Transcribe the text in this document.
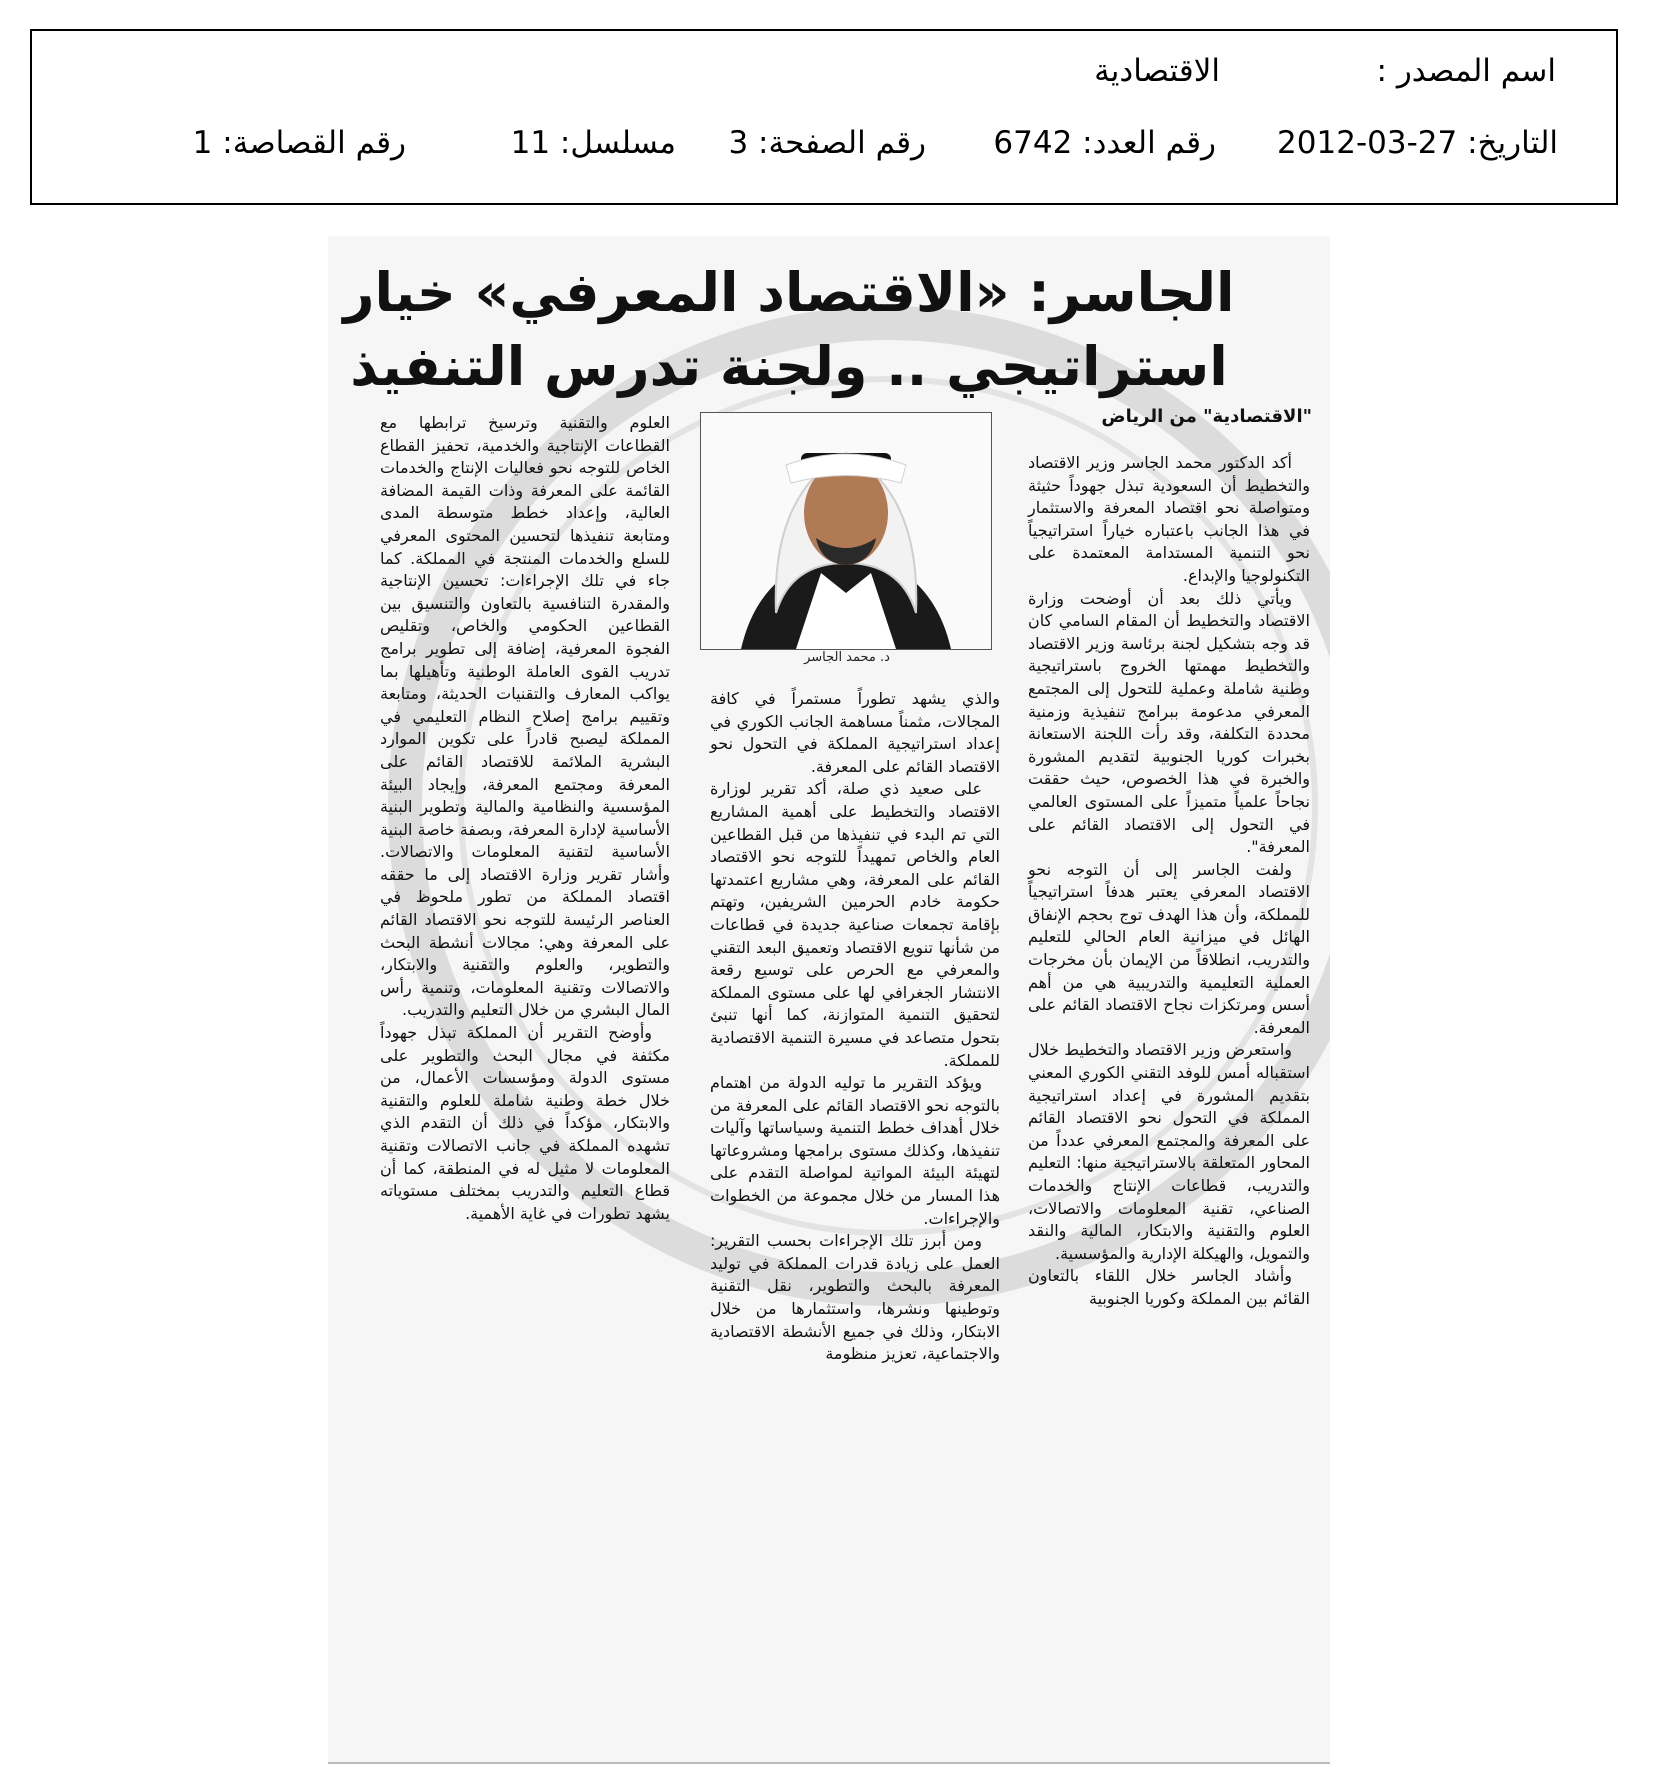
اسم المصدر :
الاقتصادية
التاريخ: 27-03-2012
رقم العدد: 6742
رقم الصفحة: 3
مسلسل: 11
رقم القصاصة: 1
الجاسر: «الاقتصاد المعرفي» خيار
استراتيجي .. ولجنة تدرس التنفيذ
"الاقتصادية" من الرياض

أكد الدكتور محمد الجاسر وزير الاقتصاد والتخطيط أن السعودية تبذل جهوداً حثيثة ومتواصلة نحو اقتصاد المعرفة والاستثمار في هذا الجانب باعتباره خياراً استراتيجياً نحو التنمية المستدامة المعتمدة على التكنولوجيا والإبداع.

ويأتي ذلك بعد أن أوضحت وزارة الاقتصاد والتخطيط أن المقام السامي كان قد وجه بتشكيل لجنة برئاسة وزير الاقتصاد والتخطيط مهمتها الخروج باستراتيجية وطنية شاملة وعملية للتحول إلى المجتمع المعرفي مدعومة ببرامج تنفيذية وزمنية محددة التكلفة، وقد رأت اللجنة الاستعانة بخبرات كوريا الجنوبية لتقديم المشورة والخبرة في هذا الخصوص، حيث حققت نجاحاً علمياً متميزاً على المستوى العالمي في التحول إلى الاقتصاد القائم على المعرفة".

ولفت الجاسر إلى أن التوجه نحو الاقتصاد المعرفي يعتبر هدفاً استراتيجياً للمملكة، وأن هذا الهدف توج بحجم الإنفاق الهائل في ميزانية العام الحالي للتعليم والتدريب، انطلاقاً من الإيمان بأن مخرجات العملية التعليمية والتدريبية هي من أهم أسس ومرتكزات نجاح الاقتصاد القائم على المعرفة.

واستعرض وزير الاقتصاد والتخطيط خلال استقباله أمس للوفد التقني الكوري المعني بتقديم المشورة في إعداد استراتيجية المملكة في التحول نحو الاقتصاد القائم على المعرفة والمجتمع المعرفي عدداً من المحاور المتعلقة بالاستراتيجية منها: التعليم والتدريب، قطاعات الإنتاج والخدمات الصناعي، تقنية المعلومات والاتصالات، العلوم والتقنية والابتكار، المالية والنقد والتمويل، والهيكلة الإدارية والمؤسسية.

وأشاد الجاسر خلال اللقاء بالتعاون القائم بين المملكة وكوريا الجنوبية

د. محمد الجاسر

والذي يشهد تطوراً مستمراً في كافة المجالات، مثمناً مساهمة الجانب الكوري في إعداد استراتيجية المملكة في التحول نحو الاقتصاد القائم على المعرفة.

على صعيد ذي صلة، أكد تقرير لوزارة الاقتصاد والتخطيط على أهمية المشاريع التي تم البدء في تنفيذها من قبل القطاعين العام والخاص تمهيداً للتوجه نحو الاقتصاد القائم على المعرفة، وهي مشاريع اعتمدتها حكومة خادم الحرمين الشريفين، وتهتم بإقامة تجمعات صناعية جديدة في قطاعات من شأنها تنويع الاقتصاد وتعميق البعد التقني والمعرفي مع الحرص على توسيع رقعة الانتشار الجغرافي لها على مستوى المملكة لتحقيق التنمية المتوازنة، كما أنها تنبئ بتحول متصاعد في مسيرة التنمية الاقتصادية للمملكة.

ويؤكد التقرير ما توليه الدولة من اهتمام بالتوجه نحو الاقتصاد القائم على المعرفة من خلال أهداف خطط التنمية وسياساتها وآليات تنفيذها، وكذلك مستوى برامجها ومشروعاتها لتهيئة البيئة المواتية لمواصلة التقدم على هذا المسار من خلال مجموعة من الخطوات والإجراءات.

ومن أبرز تلك الإجراءات بحسب التقرير: العمل على زيادة قدرات المملكة في توليد المعرفة بالبحث والتطوير، نقل التقنية وتوطينها ونشرها، واستثمارها من خلال الابتكار، وذلك في جميع الأنشطة الاقتصادية والاجتماعية، تعزيز منظومة

العلوم والتقنية وترسيخ ترابطها مع القطاعات الإنتاجية والخدمية، تحفيز القطاع الخاص للتوجه نحو فعاليات الإنتاج والخدمات القائمة على المعرفة وذات القيمة المضافة العالية، وإعداد خطط متوسطة المدى ومتابعة تنفيذها لتحسين المحتوى المعرفي للسلع والخدمات المنتجة في المملكة. كما جاء في تلك الإجراءات: تحسين الإنتاجية والمقدرة التنافسية بالتعاون والتنسيق بين القطاعين الحكومي والخاص، وتقليص الفجوة المعرفية، إضافة إلى تطوير برامج تدريب القوى العاملة الوطنية وتأهيلها بما يواكب المعارف والتقنيات الحديثة، ومتابعة وتقييم برامج إصلاح النظام التعليمي في المملكة ليصبح قادراً على تكوين الموارد البشرية الملائمة للاقتصاد القائم على المعرفة ومجتمع المعرفة، وإيجاد البيئة المؤسسية والنظامية والمالية وتطوير البنية الأساسية لإدارة المعرفة، وبصفة خاصة البنية الأساسية لتقنية المعلومات والاتصالات. وأشار تقرير وزارة الاقتصاد إلى ما حققه اقتصاد المملكة من تطور ملحوظ في العناصر الرئيسة للتوجه نحو الاقتصاد القائم على المعرفة وهي: مجالات أنشطة البحث والتطوير، والعلوم والتقنية والابتكار، والاتصالات وتقنية المعلومات، وتنمية رأس المال البشري من خلال التعليم والتدريب.

وأوضح التقرير أن المملكة تبذل جهوداً مكثفة في مجال البحث والتطوير على مستوى الدولة ومؤسسات الأعمال، من خلال خطة وطنية شاملة للعلوم والتقنية والابتكار، مؤكداً في ذلك أن التقدم الذي تشهده المملكة في جانب الاتصالات وتقنية المعلومات لا مثيل له في المنطقة، كما أن قطاع التعليم والتدريب بمختلف مستوياته يشهد تطورات في غاية الأهمية.
